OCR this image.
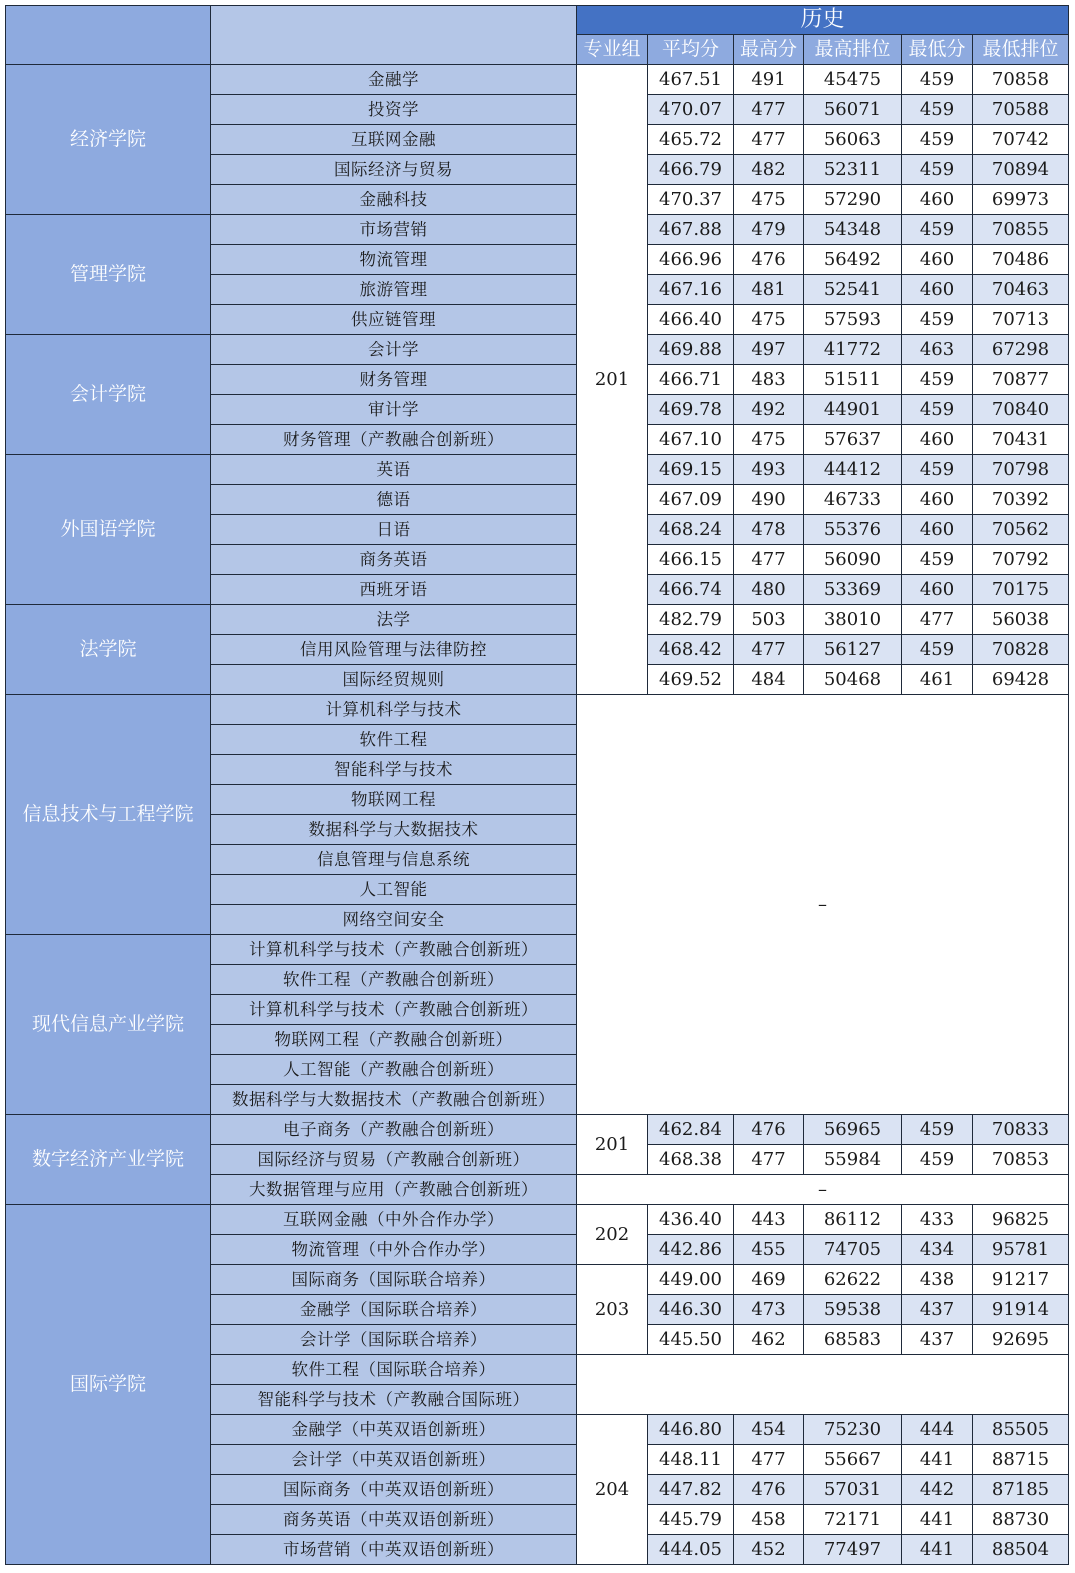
		历史					
		专业组	平均分	最高分	最高排位	最低分	最低排位
经济学院	金融学	201	467.51	491	45475	459	70858
	投资学		470.07	477	56071	459	70588
	互联网金融		465.72	477	56063	459	70742
	国际经济与贸易		466.79	482	52311	459	70894
	金融科技		470.37	475	57290	460	69973
管理学院	市场营销		467.88	479	54348	459	70855
	物流管理		466.96	476	56492	460	70486
	旅游管理		467.16	481	52541	460	70463
	供应链管理		466.40	475	57593	459	70713
会计学院	会计学		469.88	497	41772	463	67298
	财务管理		466.71	483	51511	459	70877
	审计学		469.78	492	44901	459	70840
	财务管理（产教融合创新班）		467.10	475	57637	460	70431
外国语学院	英语		469.15	493	44412	459	70798
	德语		467.09	490	46733	460	70392
	日语		468.24	478	55376	460	70562
	商务英语		466.15	477	56090	459	70792
	西班牙语		466.74	480	53369	460	70175
法学院	法学		482.79	503	38010	477	56038
	信用风险管理与法律防控		468.42	477	56127	459	70828
	国际经贸规则		469.52	484	50468	461	69428
信息技术与工程学院	计算机科学与技术	–					
	软件工程						
	智能科学与技术						
	物联网工程						
	数据科学与大数据技术						
	信息管理与信息系统						
	人工智能						
	网络空间安全						
现代信息产业学院	计算机科学与技术（产教融合创新班）						
	软件工程（产教融合创新班）						
	计算机科学与技术（产教融合创新班）						
	物联网工程（产教融合创新班）						
	人工智能（产教融合创新班）						
	数据科学与大数据技术（产教融合创新班）						
数字经济产业学院	电子商务（产教融合创新班）	201	462.84	476	56965	459	70833
	国际经济与贸易（产教融合创新班）		468.38	477	55984	459	70853
	大数据管理与应用（产教融合创新班）	–					
国际学院	互联网金融（中外合作办学）	202	436.40	443	86112	433	96825
	物流管理（中外合作办学）		442.86	455	74705	434	95781
	国际商务（国际联合培养）	203	449.00	469	62622	438	91217
	金融学（国际联合培养）		446.30	473	59538	437	91914
	会计学（国际联合培养）		445.50	462	68583	437	92695
	软件工程（国际联合培养）						
	智能科学与技术（产教融合国际班）						
	金融学（中英双语创新班）	204	446.80	454	75230	444	85505
	会计学（中英双语创新班）		448.11	477	55667	441	88715
	国际商务（中英双语创新班）		447.82	476	57031	442	87185
	商务英语（中英双语创新班）		445.79	458	72171	441	88730
	市场营销（中英双语创新班）		444.05	452	77497	441	88504
